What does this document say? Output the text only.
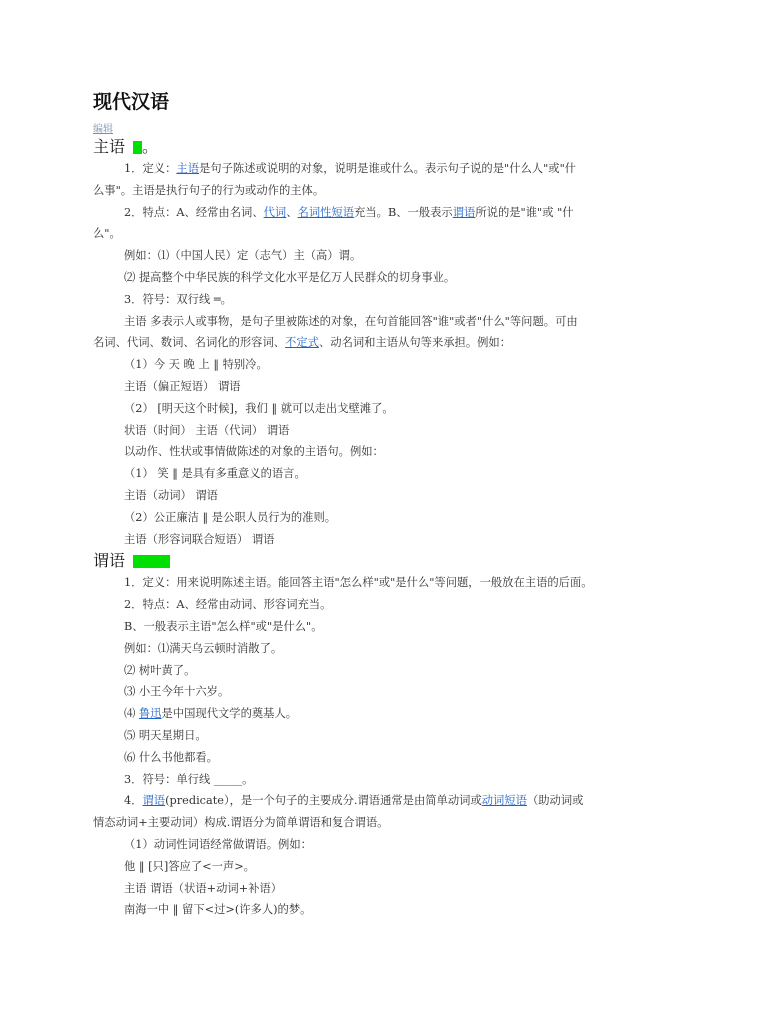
现代汉语
编辑
主语 。

1．定义：主语是句子陈述或说明的对象，说明是谁或什么。表示句子说的是"什么人"或"什

么事"。主语是执行句子的行为或动作的主体。

2．特点：A、经常由名词、代词、名词性短语充当。B、一般表示谓语所说的是"谁"或 "什

么"。

例如：⑴（中国人民）定（志气）主（高）谓。

⑵ 提高整个中华民族的科学文化水平是亿万人民群众的切身事业。

3．符号：双行线 ═。

主语 多表示人或事物，是句子里被陈述的对象，在句首能回答"谁"或者"什么"等问题。可由

名词、代词、数词、名词化的形容词、不定式、动名词和主语从句等来承担。例如：

（1）今 天 晚 上 ‖ 特别冷。

主语（偏正短语） 谓语

（2） [明天这个时候]，我们 ‖ 就可以走出戈壁滩了。

状语（时间） 主语（代词） 谓语

以动作、性状或事情做陈述的对象的主语句。例如：

（1） 笑 ‖ 是具有多重意义的语言。

主语（动词） 谓语

（2）公正廉洁 ‖ 是公职人员行为的准则。

主语（形容词联合短语） 谓语

谓语

1．定义：用来说明陈述主语。能回答主语"怎么样"或"是什么"等问题，一般放在主语的后面。

2．特点：A、经常由动词、形容词充当。

B、一般表示主语"怎么样"或"是什么"。

例如：⑴满天乌云顿时消散了。

⑵ 树叶黄了。

⑶ 小王今年十六岁。

⑷ 鲁迅是中国现代文学的奠基人。

⑸ 明天星期日。

⑹ 什么书他都看。

3．符号：单行线 _____。

4．谓语(predicate），是一个句子的主要成分.谓语通常是由简单动词或动词短语（助动词或

情态动词+主要动词）构成.谓语分为简单谓语和复合谓语。

（1）动词性词语经常做谓语。例如：

他 ‖ [只]答应了<一声>。

主语 谓语（状语+动词+补语）

南海一中 ‖ 留下<过>(许多人)的梦。
